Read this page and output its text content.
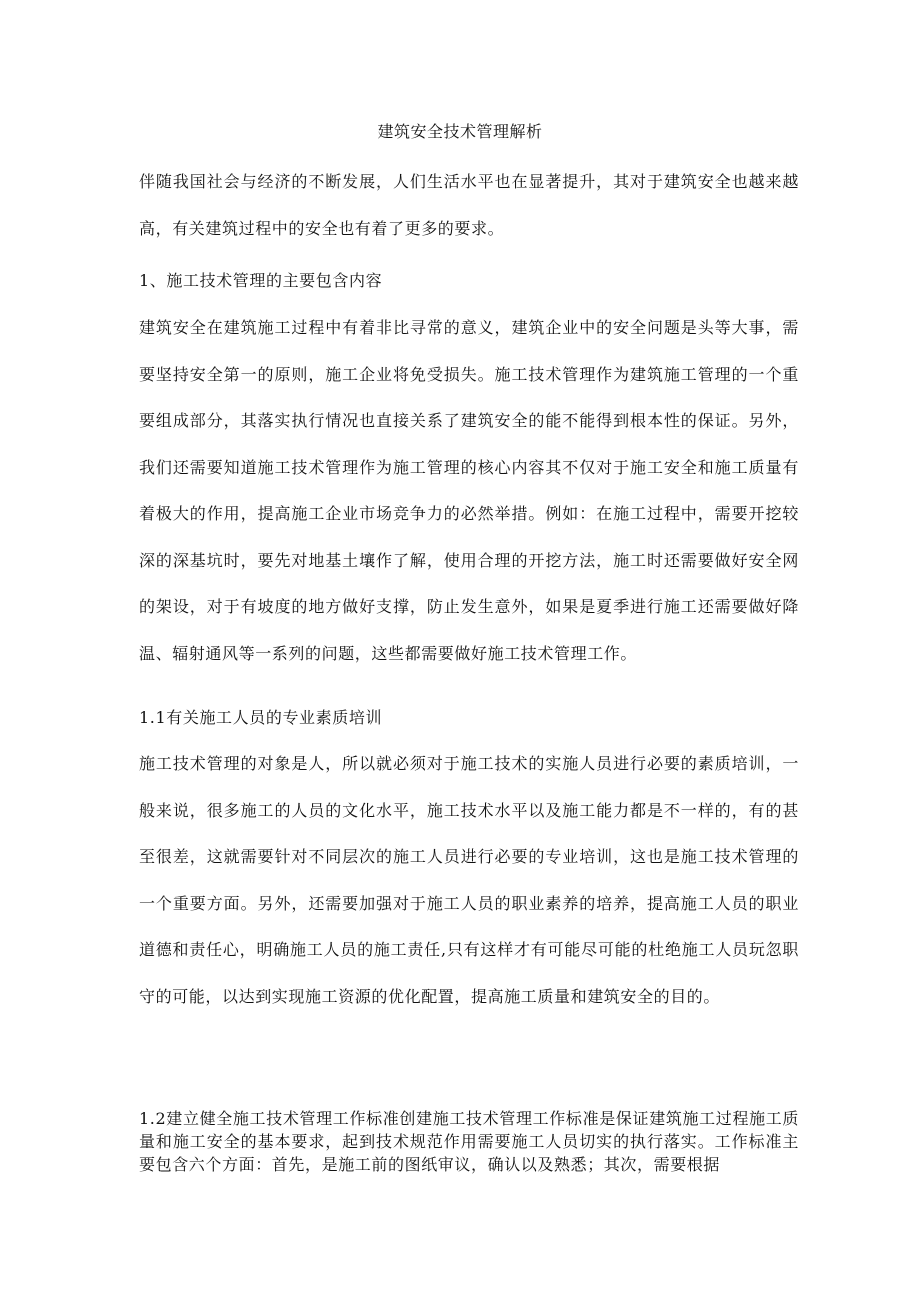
建筑安全技术管理解析
伴随我国社会与经济的不断发展，人们生活水平也在显著提升，其对于建筑安全也越来越高，有关建筑过程中的安全也有着了更多的要求。
1、施工技术管理的主要包含内容
建筑安全在建筑施工过程中有着非比寻常的意义，建筑企业中的安全问题是头等大事，需要坚持安全第一的原则，施工企业将免受损失。施工技术管理作为建筑施工管理的一个重要组成部分，其落实执行情况也直接关系了建筑安全的能不能得到根本性的保证。另外，我们还需要知道施工技术管理作为施工管理的核心内容其不仅对于施工安全和施工质量有着极大的作用，提高施工企业市场竞争力的必然举措。例如：在施工过程中，需要开挖较深的深基坑时，要先对地基土壤作了解，使用合理的开挖方法，施工时还需要做好安全网的架设，对于有坡度的地方做好支撑，防止发生意外，如果是夏季进行施工还需要做好降温、辐射通风等一系列的问题，这些都需要做好施工技术管理工作。
1.1有关施工人员的专业素质培训
施工技术管理的对象是人，所以就必须对于施工技术的实施人员进行必要的素质培训，一般来说，很多施工的人员的文化水平，施工技术水平以及施工能力都是不一样的，有的甚至很差，这就需要针对不同层次的施工人员进行必要的专业培训，这也是施工技术管理的一个重要方面。另外，还需要加强对于施工人员的职业素养的培养，提高施工人员的职业道德和责任心，明确施工人员的施工责任,只有这样才有可能尽可能的杜绝施工人员玩忽职守的可能，以达到实现施工资源的优化配置，提高施工质量和建筑安全的目的。
1.2建立健全施工技术管理工作标准创建施工技术管理工作标准是保证建筑施工过程施工质量和施工安全的基本要求，起到技术规范作用需要施工人员切实的执行落实。工作标准主要包含六个方面：首先，是施工前的图纸审议，确认以及熟悉；其次，需要根据
